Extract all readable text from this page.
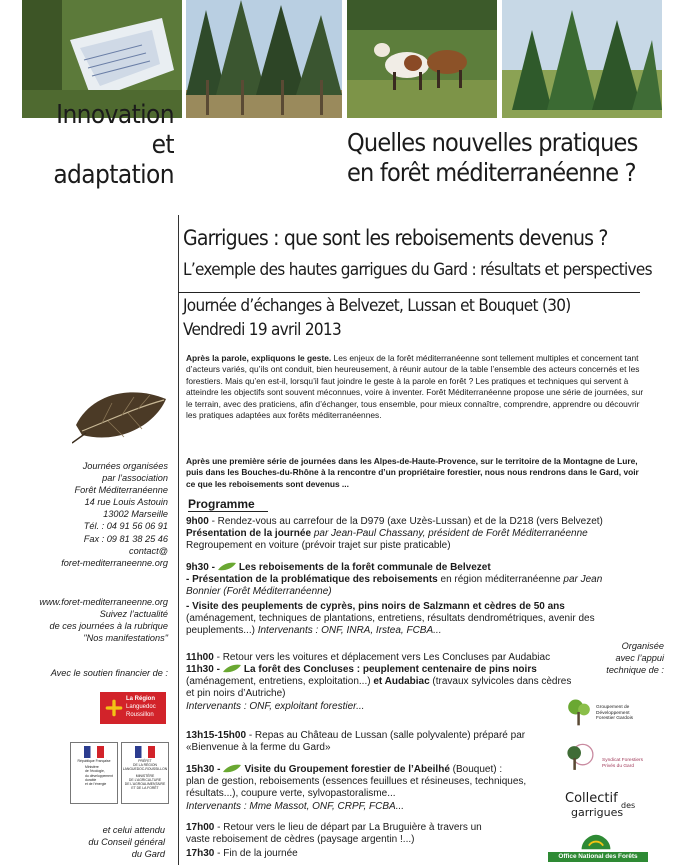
Innovation
et
adaptation
Quelles nouvelles pratiques
en forêt méditerranéenne ?
Garrigues : que sont les reboisements devenus ?
L’exemple des hautes garrigues du Gard : résultats et perspectives
Journée d’échanges à Belvezet, Lussan et Bouquet (30)
Vendredi 19 avril 2013
Après la parole, expliquons le geste. Les enjeux de la forêt méditerranéenne sont tellement multiples et concernent tant d’acteurs variés, qu’ils ont conduit, bien heureusement, à réunir autour de la table l’ensemble des acteurs concernés et les forestiers. Mais qu’en est-il, lorsqu’il faut joindre le geste à la parole en forêt ? Les pratiques et techniques qui servent à atteindre les objectifs sont souvent méconnues, voire à inventer. Forêt Méditerranéenne propose une série de journées, sur le terrain, avec des praticiens, afin d’échanger, tous ensemble, pour mieux connaître, comprendre, apprendre ou découvrir les pratiques adaptées aux forêts méditerranéennes.
Après une première série de journées dans les Alpes-de-Haute-Provence, sur le territoire de la Montagne de Lure, puis dans les Bouches-du-Rhône à la rencontre d’un propriétaire forestier, nous nous rendrons dans le Gard, voir ce que les reboisements sont devenus ...
Journées organisées
par l’association
Forêt Méditerranéenne
14 rue Louis Astouin
13002 Marseille
Tél. : 04 91 56 06 91
Fax : 09 81 38 25 46
contact@
foret-mediterraneenne.org
www.foret-mediterraneenne.org
Suivez l’actualité
de ces journées à la rubrique
"Nos manifestations"
Avec le soutien financier de :
La Région
Languedoc
Roussillon
République Française
Ministère
de l’écologie,
du développement
durable
et de l’énergie
PRÉFET
DE LA RÉGION
LANGUEDOC-ROUSSILLON
MINISTÈRE
DE L’AGRICULTURE
DE L’AGROALIMENTAIRE
ET DE LA FORÊT
et celui attendu
du Conseil général
du Gard
Programme
9h00 - Rendez-vous au carrefour de la D979 (axe Uzès-Lussan) et de la D218 (vers Belvezet)
Présentation de la journée par Jean-Paul Chassany, président de Forêt Méditerranéenne
Regroupement en voiture (prévoir trajet sur piste praticable)
9h30 - Les reboisements de la forêt communale de Belvezet
- Présentation de la problématique des reboisements en région méditerranéenne par Jean Bonnier (Forêt Méditerranéenne)
- Visite des peuplements de cyprès, pins noirs de Salzmann et cèdres de 50 ans
(aménagement, techniques de plantations, entretiens, résultats dendrométriques, avenir des peuplements...) Intervenants : ONF, INRA, Irstea, FCBA...
11h00 - Retour vers les voitures et déplacement vers Les Concluses par Audabiac
11h30 - La forêt des Concluses : peuplement centenaire de pins noirs
(aménagement, entretiens, exploitation...) et Audabiac (travaux sylvicoles dans cèdres et pin noirs d’Autriche)
Intervenants : ONF, exploitant forestier...
13h15-15h00 - Repas au Château de Lussan (salle polyvalente) préparé par «Bienvenue à la ferme du Gard»
15h30 - Visite du Groupement forestier de l’Abeilhé (Bouquet) :
plan de gestion, reboisements (essences feuillues et résineuses, techniques, résultats...), coupure verte, sylvopastoralisme...
Intervenants : Mme Massot, ONF, CRPF, FCBA...
17h00 - Retour vers le lieu de départ par La Bruguière à travers un vaste reboisement de cèdres (paysage argentin !...)
17h30 - Fin de la journée
Organisée
avec l’appui
technique de :
Groupement de
Développement
Forestier Gardois
Syndicat Forestiers
Privés du Gard
Collectif des
garrigues
Office National des Forêts
